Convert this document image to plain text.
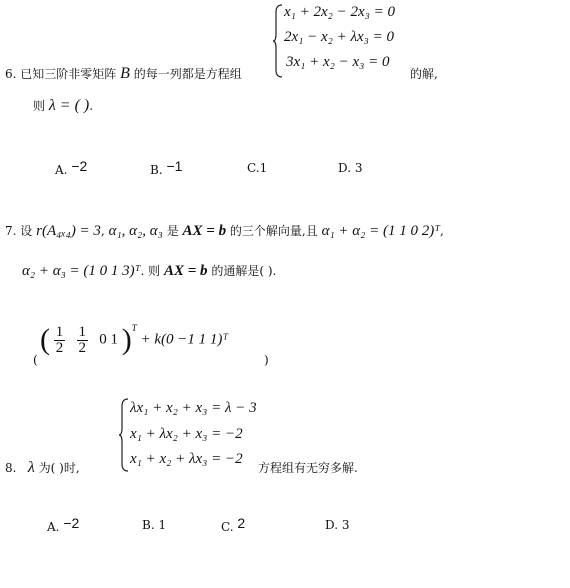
x₁ + 2x₂ − 2x₃ = 0
2x₁ − x₂ + λx₃ = 0
3x₁ + x₂ − x₃ = 0
6. 已知三阶非零矩阵 B 的每一列都是方程组	的解,
则 λ = ( ).
A. −2	B. −1	C.1	D. 3
7. 设 r(A₄ₓ₄) = 3, α₁, α₂, α₃ 是 AX = b 的三个解向量,且 α₁ + α₂ = (1 1 0 2)ᵀ,
α₂ + α₃ = (1 0 1 3)ᵀ. 则 AX = b 的通解是( ).
(
( $\frac{1}{2}$
$\frac{1}{2} 0$ 1 )$^T$ + k(0 −1 1 1)ᵀ
)
λx₁ + x₂ + x₃ = λ − 3
x₁ + λx₂ + x₃ = −2
x₁ + x₂ + λx₃ = −2
8. λ 为( )时,	方程组有无穷多解.
A. −2	B. 1	C. 2	D. 3
